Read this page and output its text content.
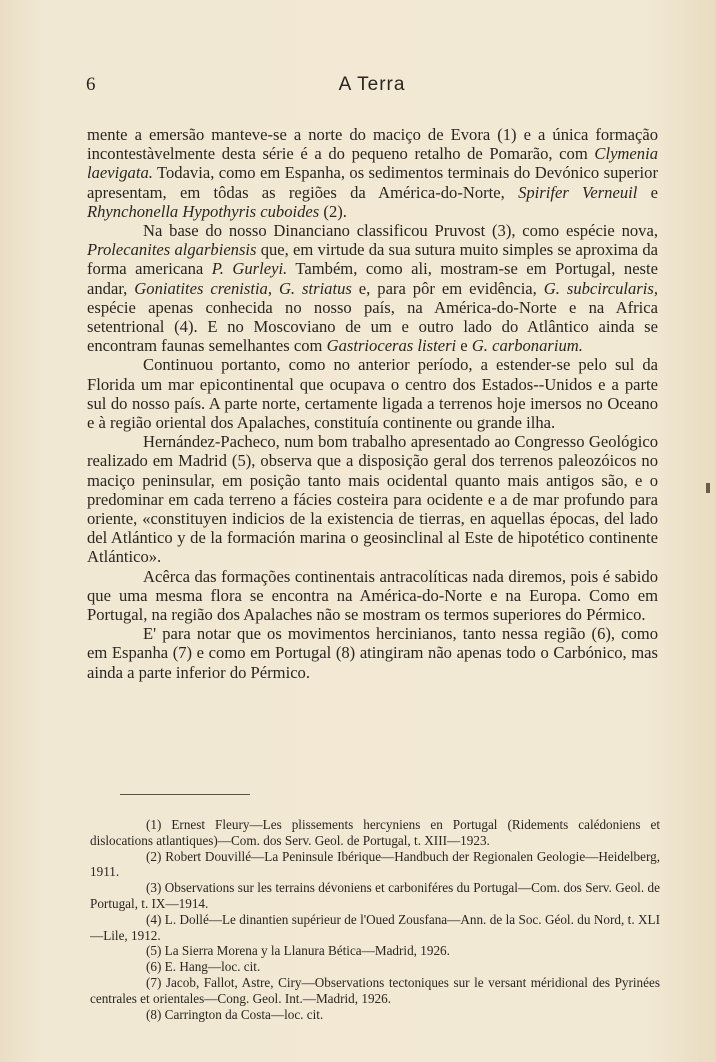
6	A Terra

mente a emersão manteve-se a norte do maciço de Evora (1) e a única formação incontestàvelmente desta série é a do pequeno retalho de Pomarão, com Clymenia laevigata. Todavia, como em Espanha, os sedimentos terminais do Devónico superior apresentam, em tôdas as regiões da América-do-Norte, Spirifer Verneuil e Rhynchonella Hypothyris cuboides (2).

Na base do nosso Dinanciano classificou Pruvost (3), como espécie nova, Prolecanites algarbiensis que, em virtude da sua sutura muito simples se aproxima da forma americana P. Gurleyi. Também, como ali, mostram-se em Portugal, neste andar, Goniatites crenistia, G. striatus e, para pôr em evidência, G. subcircularis, espécie apenas conhecida no nosso país, na América-do-Norte e na Africa setentrional (4). E no Moscoviano de um e outro lado do Atlântico ainda se encontram faunas semelhantes com Gastrioceras listeri e G. carbonarium.

Continuou portanto, como no anterior período, a estender-se pelo sul da Florida um mar epicontinental que ocupava o centro dos Estados--Unidos e a parte sul do nosso país. A parte norte, certamente ligada a terrenos hoje imersos no Oceano e à região oriental dos Apalaches, constituía continente ou grande ilha.

Hernández-Pacheco, num bom trabalho apresentado ao Congresso Geológico realizado em Madrid (5), observa que a disposição geral dos terrenos paleozóicos no maciço peninsular, em posição tanto mais ocidental quanto mais antigos são, e o predominar em cada terreno a fácies costeira para ocidente e a de mar profundo para oriente, «constituyen indicios de la existencia de tierras, en aquellas épocas, del lado del Atlántico y de la formación marina o geosinclinal al Este de hipotético continente Atlántico».

Acêrca das formações continentais antracolíticas nada diremos, pois é sabido que uma mesma flora se encontra na América-do-Norte e na Europa. Como em Portugal, na região dos Apalaches não se mostram os termos superiores do Pérmico.

E' para notar que os movimentos hercinianos, tanto nessa região (6), como em Espanha (7) e como em Portugal (8) atingiram não apenas todo o Carbónico, mas ainda a parte inferior do Pérmico.

(1) Ernest Fleury—Les plissements hercyniens en Portugal (Ridements calédoniens et dislocations atlantiques)—Com. dos Serv. Geol. de Portugal, t. XIII—1923.

(2) Robert Douvillé—La Peninsule Ibérique—Handbuch der Regionalen Geologie—Heidelberg, 1911.

(3) Observations sur les terrains dévoniens et carboniféres du Portugal—Com. dos Serv. Geol. de Portugal, t. IX—1914.

(4) L. Dollé—Le dinantien supérieur de l'Oued Zousfana—Ann. de la Soc. Géol. du Nord, t. XLI—Lile, 1912.

(5) La Sierra Morena y la Llanura Bética—Madrid, 1926.

(6) E. Hang—loc. cit.

(7) Jacob, Fallot, Astre, Ciry—Observations tectoniques sur le versant méridional des Pyrinées centrales et orientales—Cong. Geol. Int.—Madrid, 1926.

(8) Carrington da Costa—loc. cit.
